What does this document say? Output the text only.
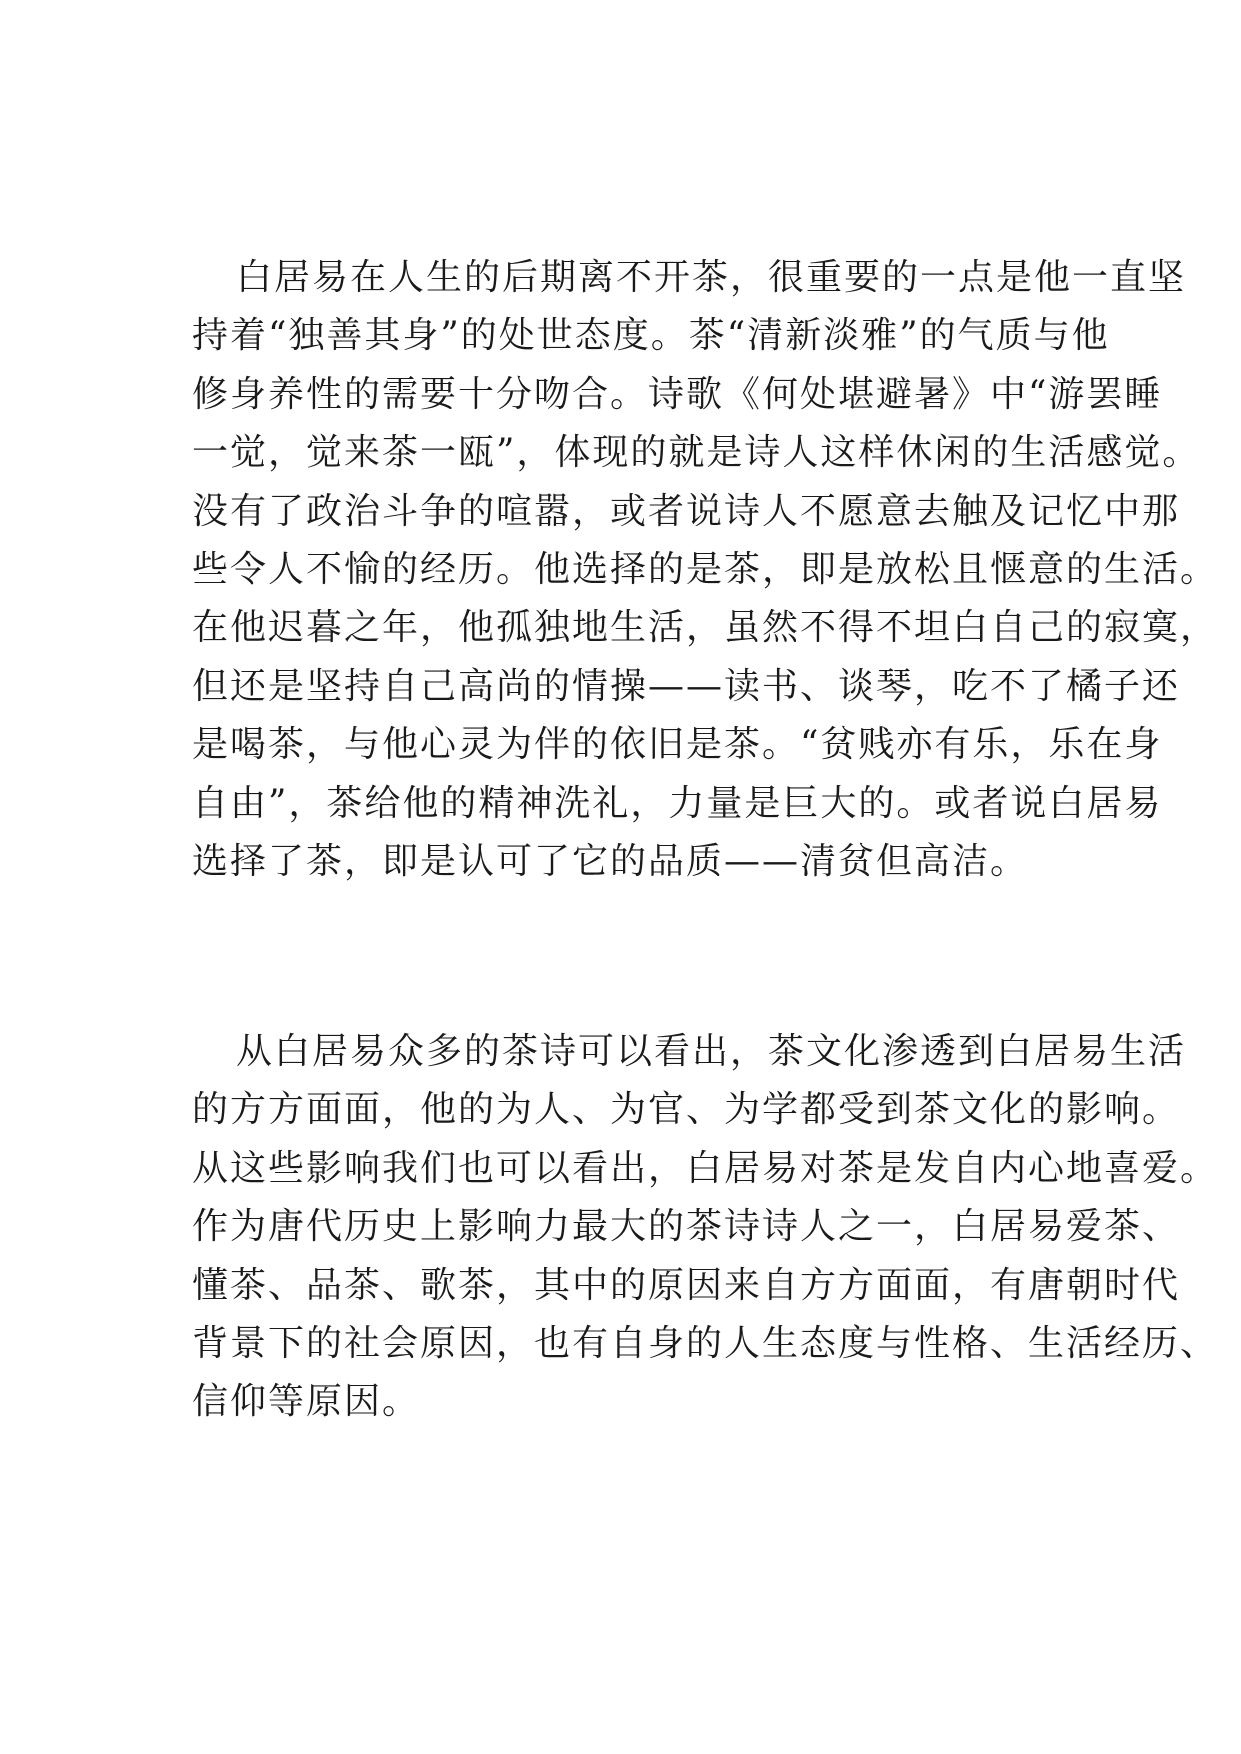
白居易在人生的后期离不开茶，很重要的一点是他一直坚
持着“独善其身”的处世态度。茶“清新淡雅”的气质与他
修身养性的需要十分吻合。诗歌《何处堪避暑》中“游罢睡
一觉，觉来茶一瓯”，体现的就是诗人这样休闲的生活感觉。
没有了政治斗争的喧嚣，或者说诗人不愿意去触及记忆中那
些令人不愉的经历。他选择的是茶，即是放松且惬意的生活。
在他迟暮之年，他孤独地生活，虽然不得不坦白自己的寂寞，
但还是坚持自己高尚的情操——读书、谈琴，吃不了橘子还
是喝茶，与他心灵为伴的依旧是茶。“贫贱亦有乐，乐在身
自由”，茶给他的精神洗礼，力量是巨大的。或者说白居易
选择了茶，即是认可了它的品质——清贫但高洁。
从白居易众多的茶诗可以看出，茶文化渗透到白居易生活
的方方面面，他的为人、为官、为学都受到茶文化的影响。
从这些影响我们也可以看出，白居易对茶是发自内心地喜爱。
作为唐代历史上影响力最大的茶诗诗人之一，白居易爱茶、
懂茶、品茶、歌茶，其中的原因来自方方面面，有唐朝时代
背景下的社会原因，也有自身的人生态度与性格、生活经历、
信仰等原因。
